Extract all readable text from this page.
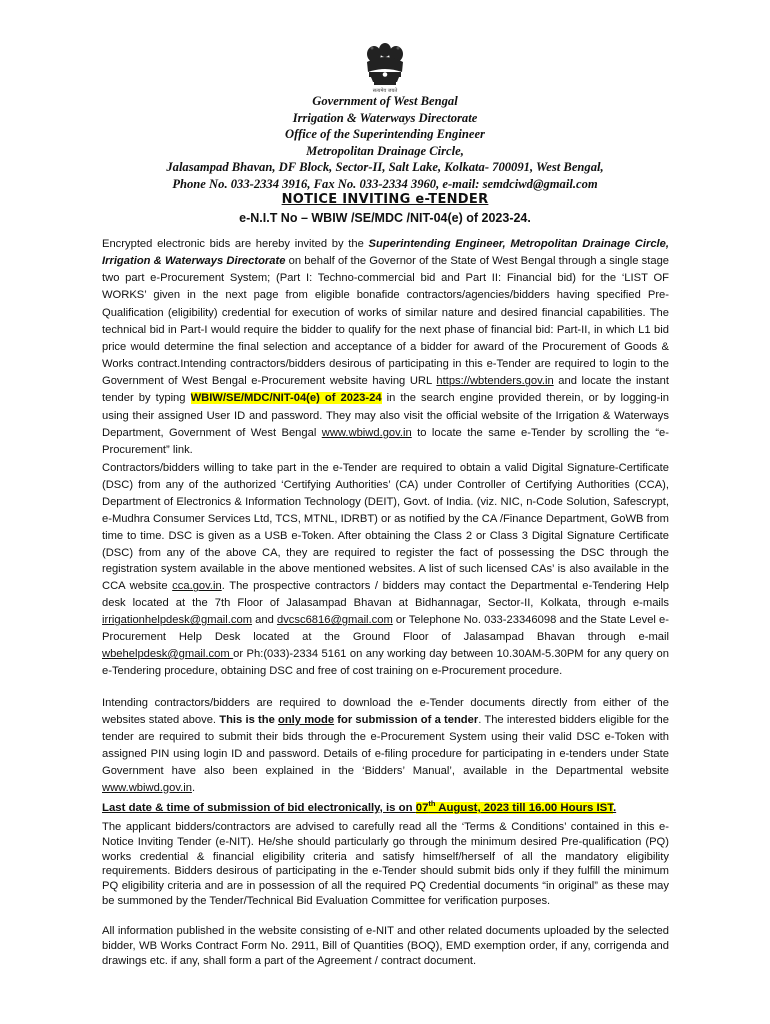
सत्यमेव जयते
Government of West Bengal
Irrigation & Waterways Directorate
Office of the Superintending Engineer
Metropolitan Drainage Circle,
Jalasampad Bhavan, DF Block, Sector-II, Salt Lake, Kolkata- 700091, West Bengal,
Phone No. 033-2334 3916, Fax No. 033-2334 3960, e-mail: semdciwd@gmail.com
NOTICE INVITING e-TENDER
e-N.I.T No – WBIW /SE/MDC /NIT-04(e) of 2023-24.
Encrypted electronic bids are hereby invited by the Superintending Engineer, Metropolitan Drainage Circle, Irrigation & Waterways Directorate on behalf of the Governor of the State of West Bengal through a single stage two part e-Procurement System; (Part I: Techno-commercial bid and Part II: Financial bid) for the ‘LIST OF WORKS’ given in the next page from eligible bonafide contractors/agencies/bidders having specified Pre-Qualification (eligibility) credential for execution of works of similar nature and desired financial capabilities. The technical bid in Part-I would require the bidder to qualify for the next phase of financial bid: Part-II, in which L1 bid price would determine the final selection and acceptance of a bidder for award of the Procurement of Goods & Works contract.Intending contractors/bidders desirous of participating in this e-Tender are required to login to the Government of West Bengal e-Procurement website having URL https://wbtenders.gov.in and locate the instant tender by typing WBIW/SE/MDC/NIT-04(e) of 2023-24 in the search engine provided therein, or by logging-in using their assigned User ID and password. They may also visit the official website of the Irrigation & Waterways Department, Government of West Bengal www.wbiwd.gov.in to locate the same e-Tender by scrolling the “e-Procurement” link.
Contractors/bidders willing to take part in the e-Tender are required to obtain a valid Digital Signature-Certificate (DSC) from any of the authorized ‘Certifying Authorities’ (CA) under Controller of Certifying Authorities (CCA), Department of Electronics & Information Technology (DEIT), Govt. of India. (viz. NIC, n-Code Solution, Safescrypt, e-Mudhra Consumer Services Ltd, TCS, MTNL, IDRBT) or as notified by the CA /Finance Department, GoWB from time to time. DSC is given as a USB e-Token. After obtaining the Class 2 or Class 3 Digital Signature Certificate (DSC) from any of the above CA, they are required to register the fact of possessing the DSC through the registration system available in the above mentioned websites. A list of such licensed CAs’ is also available in the CCA website cca.gov.in. The prospective contractors / bidders may contact the Departmental e-Tendering Help desk located at the 7th Floor of Jalasampad Bhavan at Bidhannagar, Sector-II, Kolkata, through e-mails irrigationhelpdesk@gmail.com and dvcsc6816@gmail.com or Telephone No. 033-23346098 and the State Level e-Procurement Help Desk located at the Ground Floor of Jalasampad Bhavan through e-mail wbehelpdesk@gmail.com or Ph:(033)-2334 5161 on any working day between 10.30AM-5.30PM for any query on e-Tendering procedure, obtaining DSC and free of cost training on e-Procurement procedure.
Intending contractors/bidders are required to download the e-Tender documents directly from either of the websites stated above. This is the only mode for submission of a tender. The interested bidders eligible for the tender are required to submit their bids through the e-Procurement System using their valid DSC e-Token with assigned PIN using login ID and password. Details of e-filing procedure for participating in e-tenders under State Government have also been explained in the ‘Bidders’ Manual’, available in the Departmental website www.wbiwd.gov.in.
Last date & time of submission of bid electronically, is on 07th August, 2023 till 16.00 Hours IST.
The applicant bidders/contractors are advised to carefully read all the ‘Terms & Conditions’ contained in this e-Notice Inviting Tender (e-NIT). He/she should particularly go through the minimum desired Pre-qualification (PQ) works credential & financial eligibility criteria and satisfy himself/herself of all the mandatory eligibility requirements. Bidders desirous of participating in the e-Tender should submit bids only if they fulfill the minimum PQ eligibility criteria and are in possession of all the required PQ Credential documents “in original” as these may be summoned by the Tender/Technical Bid Evaluation Committee for verification purposes.
All information published in the website consisting of e-NIT and other related documents uploaded by the selected bidder, WB Works Contract Form No. 2911, Bill of Quantities (BOQ), EMD exemption order, if any, corrigenda and drawings etc. if any, shall form a part of the Agreement / contract document.
